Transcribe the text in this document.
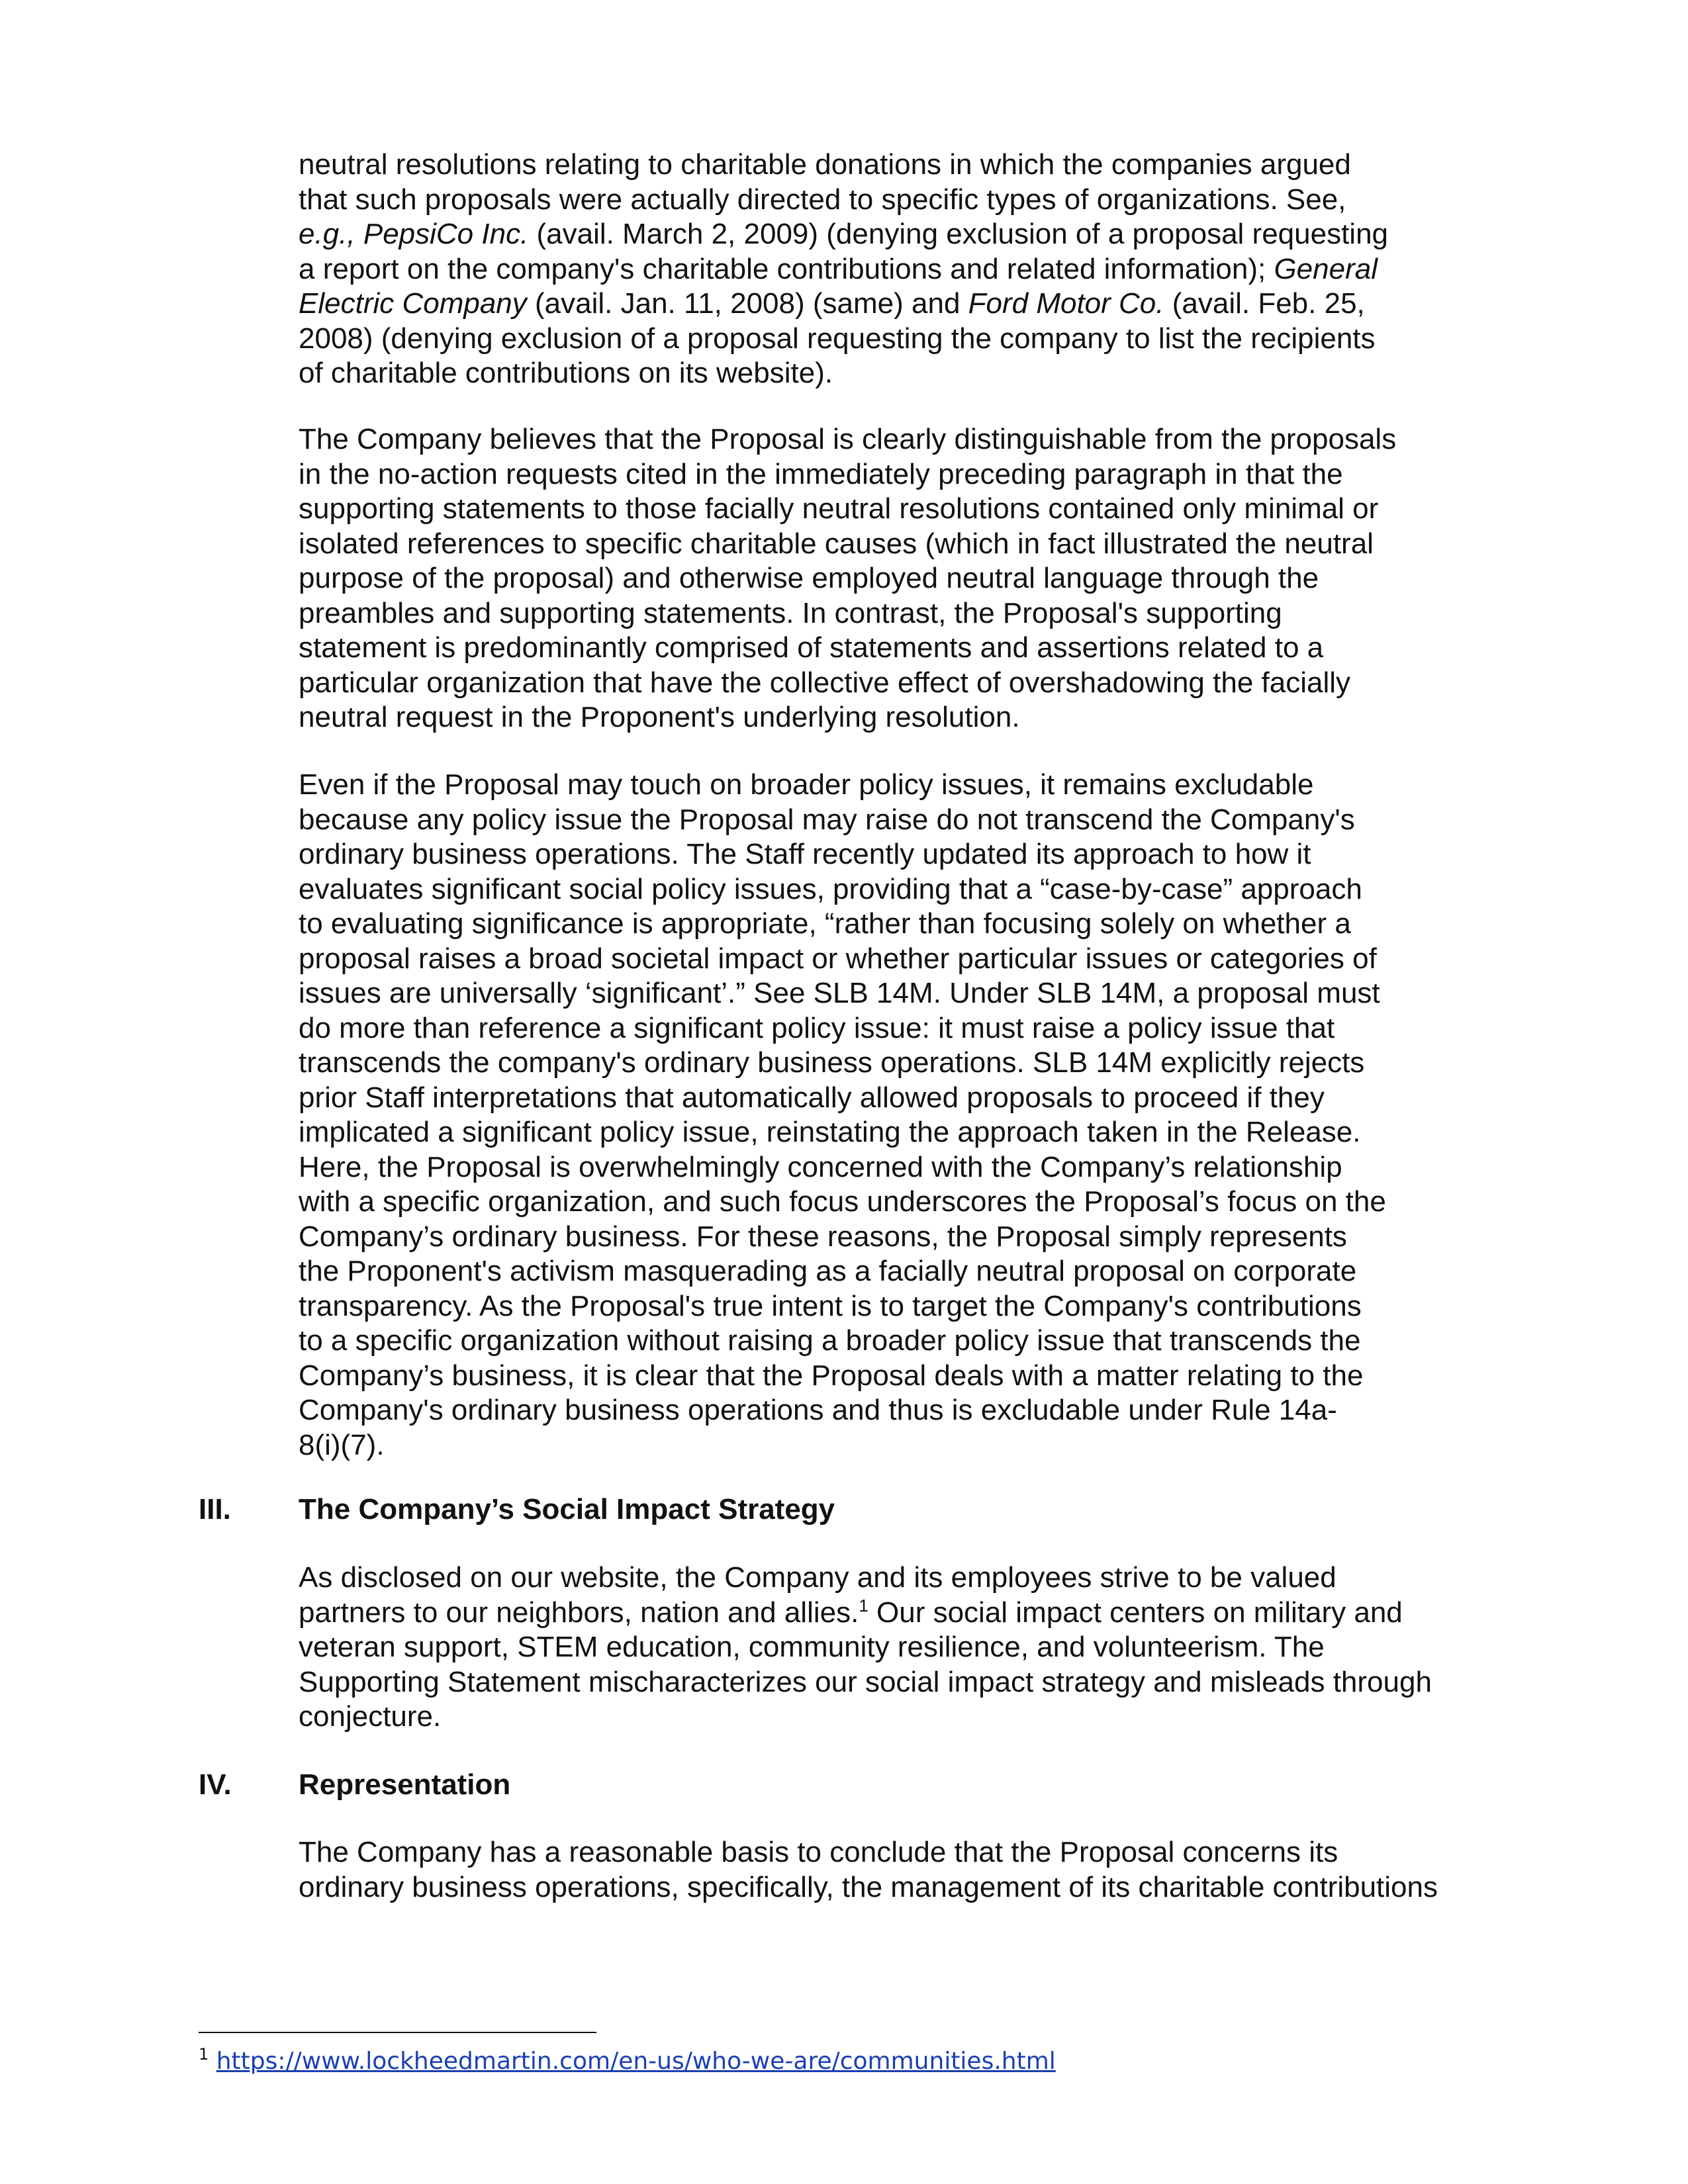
neutral resolutions relating to charitable donations in which the companies argued
that such proposals were actually directed to specific types of organizations. See,
e.g., PepsiCo Inc. (avail. March 2, 2009) (denying exclusion of a proposal requesting
a report on the company's charitable contributions and related information); General
Electric Company (avail. Jan. 11, 2008) (same) and Ford Motor Co. (avail. Feb. 25,
2008) (denying exclusion of a proposal requesting the company to list the recipients
of charitable contributions on its website).

The Company believes that the Proposal is clearly distinguishable from the proposals
in the no-action requests cited in the immediately preceding paragraph in that the
supporting statements to those facially neutral resolutions contained only minimal or
isolated references to specific charitable causes (which in fact illustrated the neutral
purpose of the proposal) and otherwise employed neutral language through the
preambles and supporting statements. In contrast, the Proposal's supporting
statement is predominantly comprised of statements and assertions related to a
particular organization that have the collective effect of overshadowing the facially
neutral request in the Proponent's underlying resolution.

Even if the Proposal may touch on broader policy issues, it remains excludable
because any policy issue the Proposal may raise do not transcend the Company's
ordinary business operations. The Staff recently updated its approach to how it
evaluates significant social policy issues, providing that a “case-by-case” approach
to evaluating significance is appropriate, “rather than focusing solely on whether a
proposal raises a broad societal impact or whether particular issues or categories of
issues are universally ‘significant’.” See SLB 14M. Under SLB 14M, a proposal must
do more than reference a significant policy issue: it must raise a policy issue that
transcends the company's ordinary business operations. SLB 14M explicitly rejects
prior Staff interpretations that automatically allowed proposals to proceed if they
implicated a significant policy issue, reinstating the approach taken in the Release.
Here, the Proposal is overwhelmingly concerned with the Company’s relationship
with a specific organization, and such focus underscores the Proposal’s focus on the
Company’s ordinary business. For these reasons, the Proposal simply represents
the Proponent's activism masquerading as a facially neutral proposal on corporate
transparency. As the Proposal's true intent is to target the Company's contributions
to a specific organization without raising a broader policy issue that transcends the
Company’s business, it is clear that the Proposal deals with a matter relating to the
Company's ordinary business operations and thus is excludable under Rule 14a-
8(i)(7).

III. The Company’s Social Impact Strategy

As disclosed on our website, the Company and its employees strive to be valued
partners to our neighbors, nation and allies.$^1$ Our social impact centers on military and
veteran support, STEM education, community resilience, and volunteerism. The
Supporting Statement mischaracterizes our social impact strategy and misleads through
conjecture.

IV. Representation

The Company has a reasonable basis to conclude that the Proposal concerns its
ordinary business operations, specifically, the management of its charitable contributions

$^1$ https://www.lockheedmartin.com/en-us/who-we-are/communities.html
